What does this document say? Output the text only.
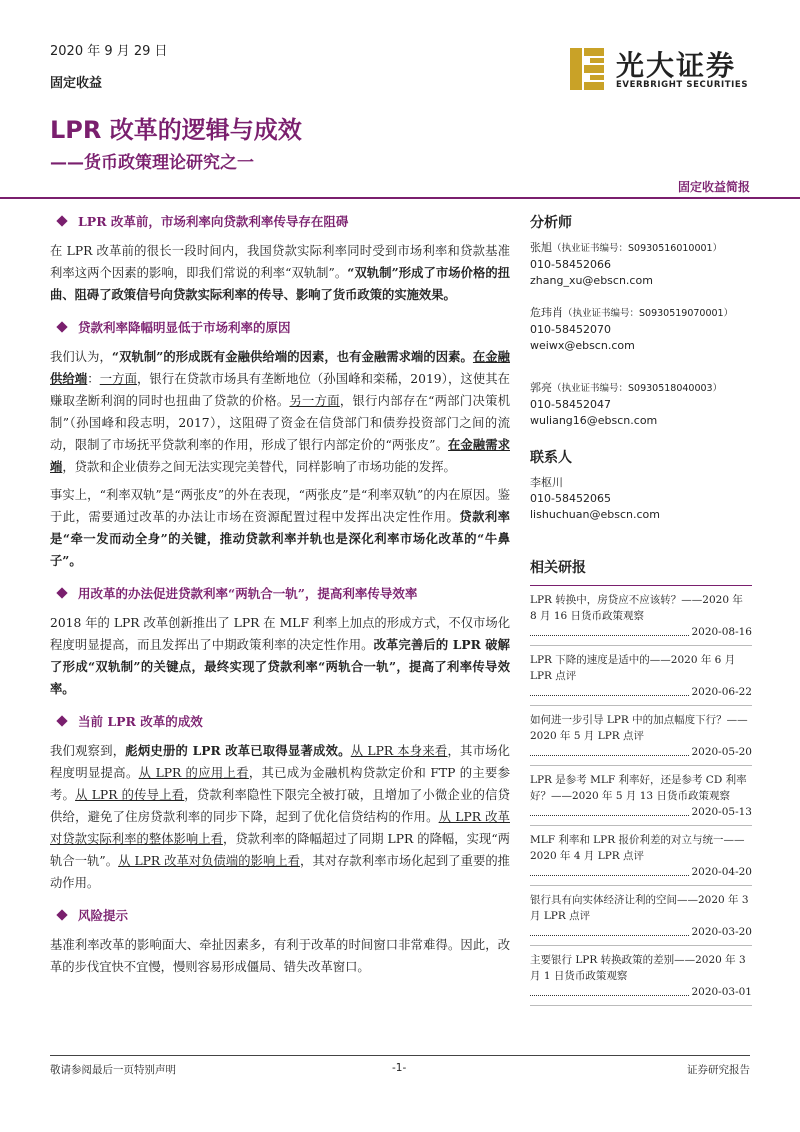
2020 年 9 月 29 日
固定收益
LPR 改革的逻辑与成效
——货币政策理论研究之一
固定收益简报
光大证券
EVERBRIGHT SECURITIES
LPR 改革前，市场利率向贷款利率传导存在阻碍

在 LPR 改革前的很长一段时间内，我国贷款实际利率同时受到市场利率和贷款基准利率这两个因素的影响，即我们常说的利率“双轨制”。“双轨制”形成了市场价格的扭曲、阻碍了政策信号向贷款实际利率的传导、影响了货币政策的实施效果。

贷款利率降幅明显低于市场利率的原因

我们认为，“双轨制”的形成既有金融供给端的因素，也有金融需求端的因素。在金融供给端：一方面，银行在贷款市场具有垄断地位（孙国峰和栾稀，2019），这使其在赚取垄断利润的同时也扭曲了贷款的价格。另一方面，银行内部存在“两部门决策机制”（孙国峰和段志明，2017），这阻碍了资金在信贷部门和债券投资部门之间的流动，限制了市场抚平贷款利率的作用，形成了银行内部定价的“两张皮”。在金融需求端，贷款和企业债券之间无法实现完美替代，同样影响了市场功能的发挥。

事实上，“利率双轨”是“两张皮”的外在表现，“两张皮”是“利率双轨”的内在原因。鉴于此，需要通过改革的办法让市场在资源配置过程中发挥出决定性作用。贷款利率是“牵一发而动全身”的关键，推动贷款利率并轨也是深化利率市场化改革的“牛鼻子”。

用改革的办法促进贷款利率“两轨合一轨”，提高利率传导效率

2018 年的 LPR 改革创新推出了 LPR 在 MLF 利率上加点的形成方式，不仅市场化程度明显提高，而且发挥出了中期政策利率的决定性作用。改革完善后的 LPR 破解了形成“双轨制”的关键点，最终实现了贷款利率“两轨合一轨”，提高了利率传导效率。

当前 LPR 改革的成效

我们观察到，彪炳史册的 LPR 改革已取得显著成效。从 LPR 本身来看，其市场化程度明显提高。从 LPR 的应用上看，其已成为金融机构贷款定价和 FTP 的主要参考。从 LPR 的传导上看，贷款利率隐性下限完全被打破，且增加了小微企业的信贷供给，避免了住房贷款利率的同步下降，起到了优化信贷结构的作用。从 LPR 改革对贷款实际利率的整体影响上看，贷款利率的降幅超过了同期 LPR 的降幅，实现“两轨合一轨”。从 LPR 改革对负债端的影响上看，其对存款利率市场化起到了重要的推动作用。

风险提示

基准利率改革的影响面大、牵扯因素多，有利于改革的时间窗口非常难得。因此，改革的步伐宜快不宜慢，慢则容易形成僵局、错失改革窗口。

分析师
张旭（执业证书编号：S0930516010001）
010-58452066
zhang_xu@ebscn.com
危玮肖（执业证书编号：S0930519070001）
010-58452070
weiwx@ebscn.com
郭亮（执业证书编号：S0930518040003）
010-58452047
wuliang16@ebscn.com
联系人
李枢川
010-58452065
lishuchuan@ebscn.com
相关研报
LPR 转换中，房贷应不应该转？——2020 年 8 月 16 日货币政策观察
2020-08-16
LPR 下降的速度是适中的——2020 年 6 月 LPR 点评
2020-06-22
如何进一步引导 LPR 中的加点幅度下行？——2020 年 5 月 LPR 点评
2020-05-20
LPR 是参考 MLF 利率好，还是参考 CD 利率好？——2020 年 5 月 13 日货币政策观察
2020-05-13
MLF 利率和 LPR 报价利差的对立与统一——2020 年 4 月 LPR 点评
2020-04-20
银行具有向实体经济让利的空间——2020 年 3 月 LPR 点评
2020-03-20
主要银行 LPR 转换政策的差别——2020 年 3 月 1 日货币政策观察
2020-03-01
敬请参阅最后一页特别声明	-1-	证券研究报告
